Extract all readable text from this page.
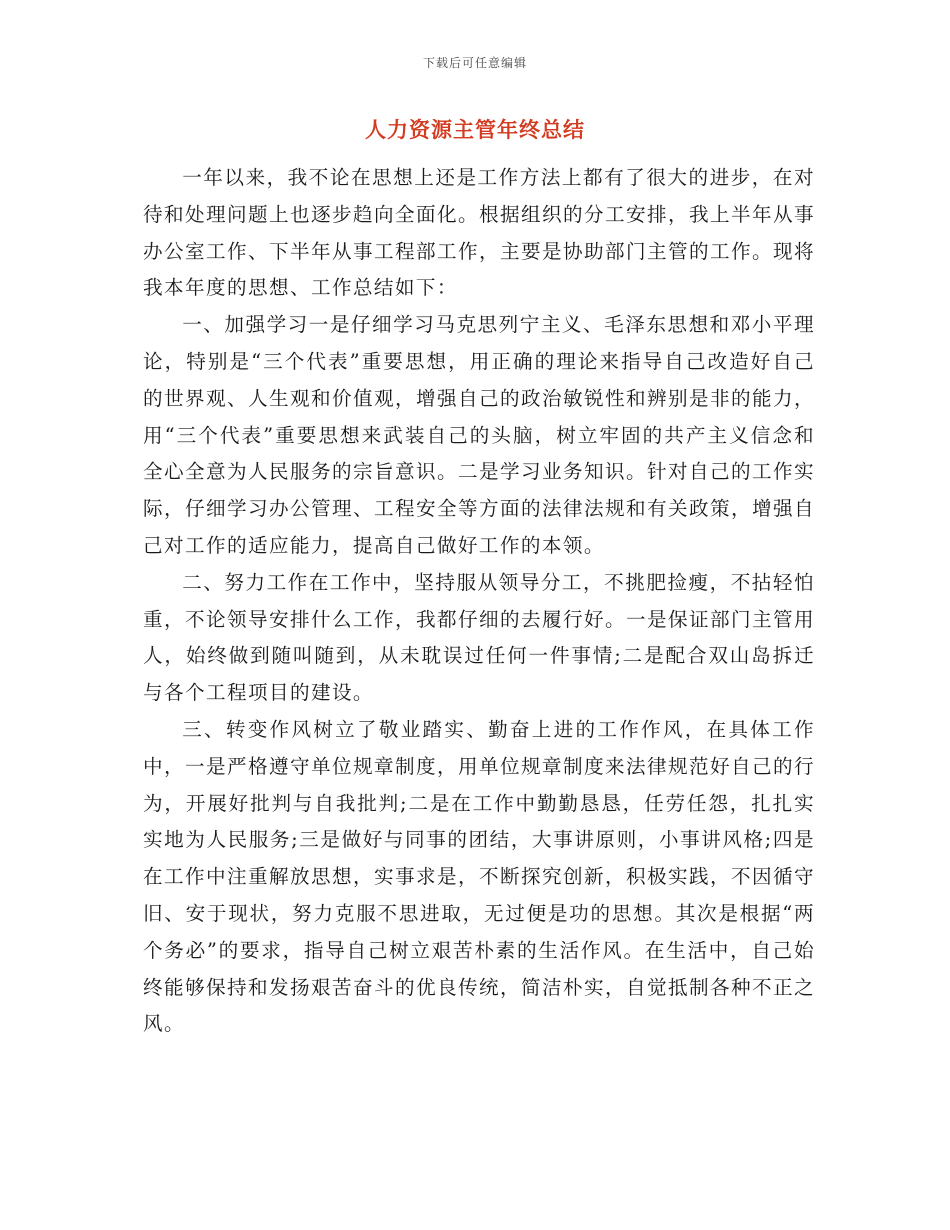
下载后可任意编辑
人力资源主管年终总结

一年以来，我不论在思想上还是工作方法上都有了很大的进步，在对待和处理问题上也逐步趋向全面化。根据组织的分工安排，我上半年从事办公室工作、下半年从事工程部工作，主要是协助部门主管的工作。现将我本年度的思想、工作总结如下：

一、加强学习一是仔细学习马克思列宁主义、毛泽东思想和邓小平理论，特别是“三个代表”重要思想，用正确的理论来指导自己改造好自己的世界观、人生观和价值观，增强自己的政治敏锐性和辨别是非的能力，用“三个代表”重要思想来武装自己的头脑，树立牢固的共产主义信念和全心全意为人民服务的宗旨意识。二是学习业务知识。针对自己的工作实际，仔细学习办公管理、工程安全等方面的法律法规和有关政策，增强自己对工作的适应能力，提高自己做好工作的本领。

二、努力工作在工作中，坚持服从领导分工，不挑肥捡瘦，不拈轻怕重，不论领导安排什么工作，我都仔细的去履行好。一是保证部门主管用人，始终做到随叫随到，从未耽误过任何一件事情;二是配合双山岛拆迁与各个工程项目的建设。

三、转变作风树立了敬业踏实、勤奋上进的工作作风，在具体工作中，一是严格遵守单位规章制度，用单位规章制度来法律规范好自己的行为，开展好批判与自我批判;二是在工作中勤勤恳恳，任劳任怨，扎扎实实地为人民服务;三是做好与同事的团结，大事讲原则，小事讲风格;四是在工作中注重解放思想，实事求是，不断探究创新，积极实践，不因循守旧、安于现状，努力克服不思进取，无过便是功的思想。其次是根据“两个务必”的要求，指导自己树立艰苦朴素的生活作风。在生活中，自己始终能够保持和发扬艰苦奋斗的优良传统，简洁朴实，自觉抵制各种不正之风。
